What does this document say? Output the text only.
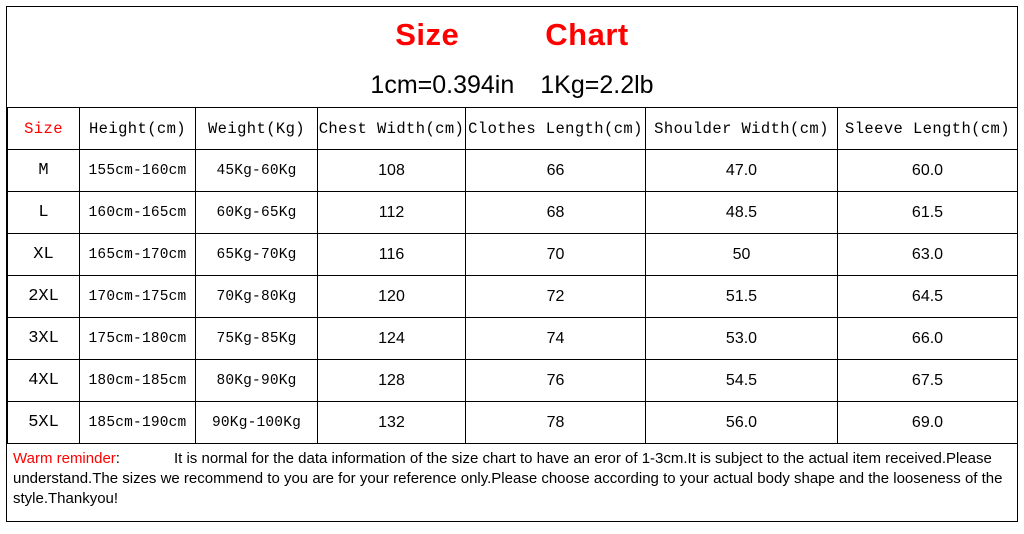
Size	Chart
1cm=0.394in 1Kg=2.2lb
Size	Height(cm)	Weight(Kg)	Chest Width(cm)	Clothes Length(cm)	Shoulder Width(cm)	Sleeve Length(cm)
M	155cm-160cm	45Kg-60Kg	108	66	47.0	60.0
L	160cm-165cm	60Kg-65Kg	112	68	48.5	61.5
XL	165cm-170cm	65Kg-70Kg	116	70	50	63.0
2XL	170cm-175cm	70Kg-80Kg	120	72	51.5	64.5
3XL	175cm-180cm	75Kg-85Kg	124	74	53.0	66.0
4XL	180cm-185cm	80Kg-90Kg	128	76	54.5	67.5
5XL	185cm-190cm	90Kg-100Kg	132	78	56.0	69.0
Warm reminder:	It is normal for the data information of the size chart to have an eror of 1-3cm.It is subject to the actual item received.Please understand.The sizes we recommend to you are for your reference only.Please choose according to your actual body shape and the looseness of the style.Thankyou!
